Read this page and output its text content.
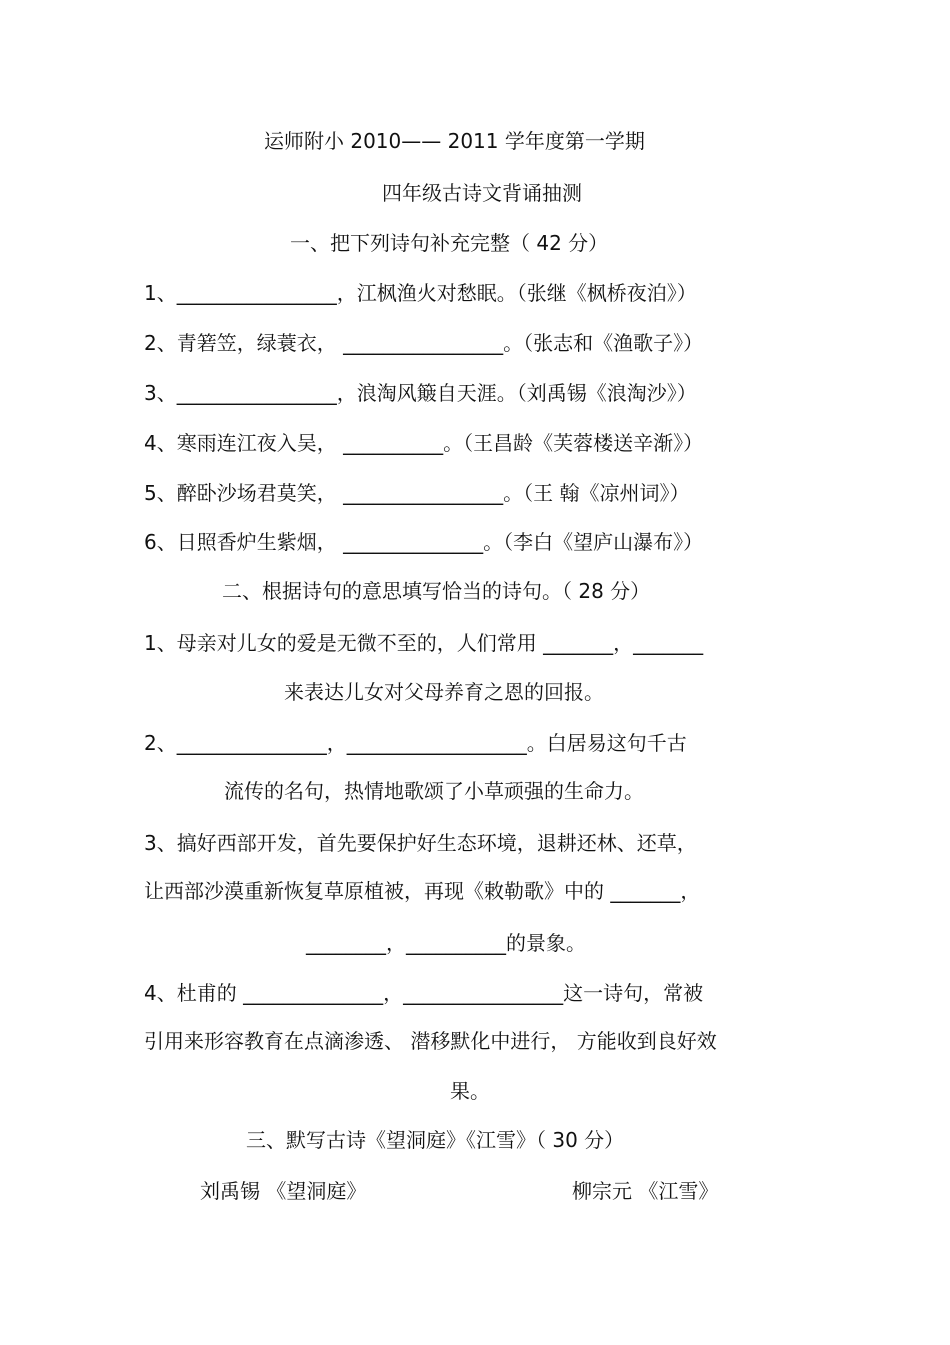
运师附小 2010—— 2011 学年度第一学期
四年级古诗文背诵抽测
一、把下列诗句补充完整（ 42 分）
1、________________，江枫渔火对愁眠。（张继《枫桥夜泊》）
2、青箬笠，绿蓑衣， ________________。（张志和《渔歌子》）
3、________________，浪淘风簸自天涯。（刘禹锡《浪淘沙》）
4、寒雨连江夜入吴， __________。（王昌龄《芙蓉楼送辛渐》）
5、醉卧沙场君莫笑， ________________。（王 翰《凉州词》）
6、日照香炉生紫烟， ______________。（李白《望庐山瀑布》）
二、根据诗句的意思填写恰当的诗句。（ 28 分）
1、母亲对儿女的爱是无微不至的，人们常用 _______，_______
来表达儿女对父母养育之恩的回报。
2、_______________，__________________。白居易这句千古
流传的名句，热情地歌颂了小草顽强的生命力。
3、搞好西部开发，首先要保护好生态环境，退耕还林、还草，
让西部沙漠重新恢复草原植被，再现《敕勒歌》中的 _______，
________，__________的景象。
4、杜甫的 ______________，________________这一诗句，常被
引用来形容教育在点滴渗透、 潜移默化中进行， 方能收到良好效
果。
三、默写古诗《望洞庭》《江雪》（ 30 分）
刘禹锡 《望洞庭》	柳宗元 《江雪》
